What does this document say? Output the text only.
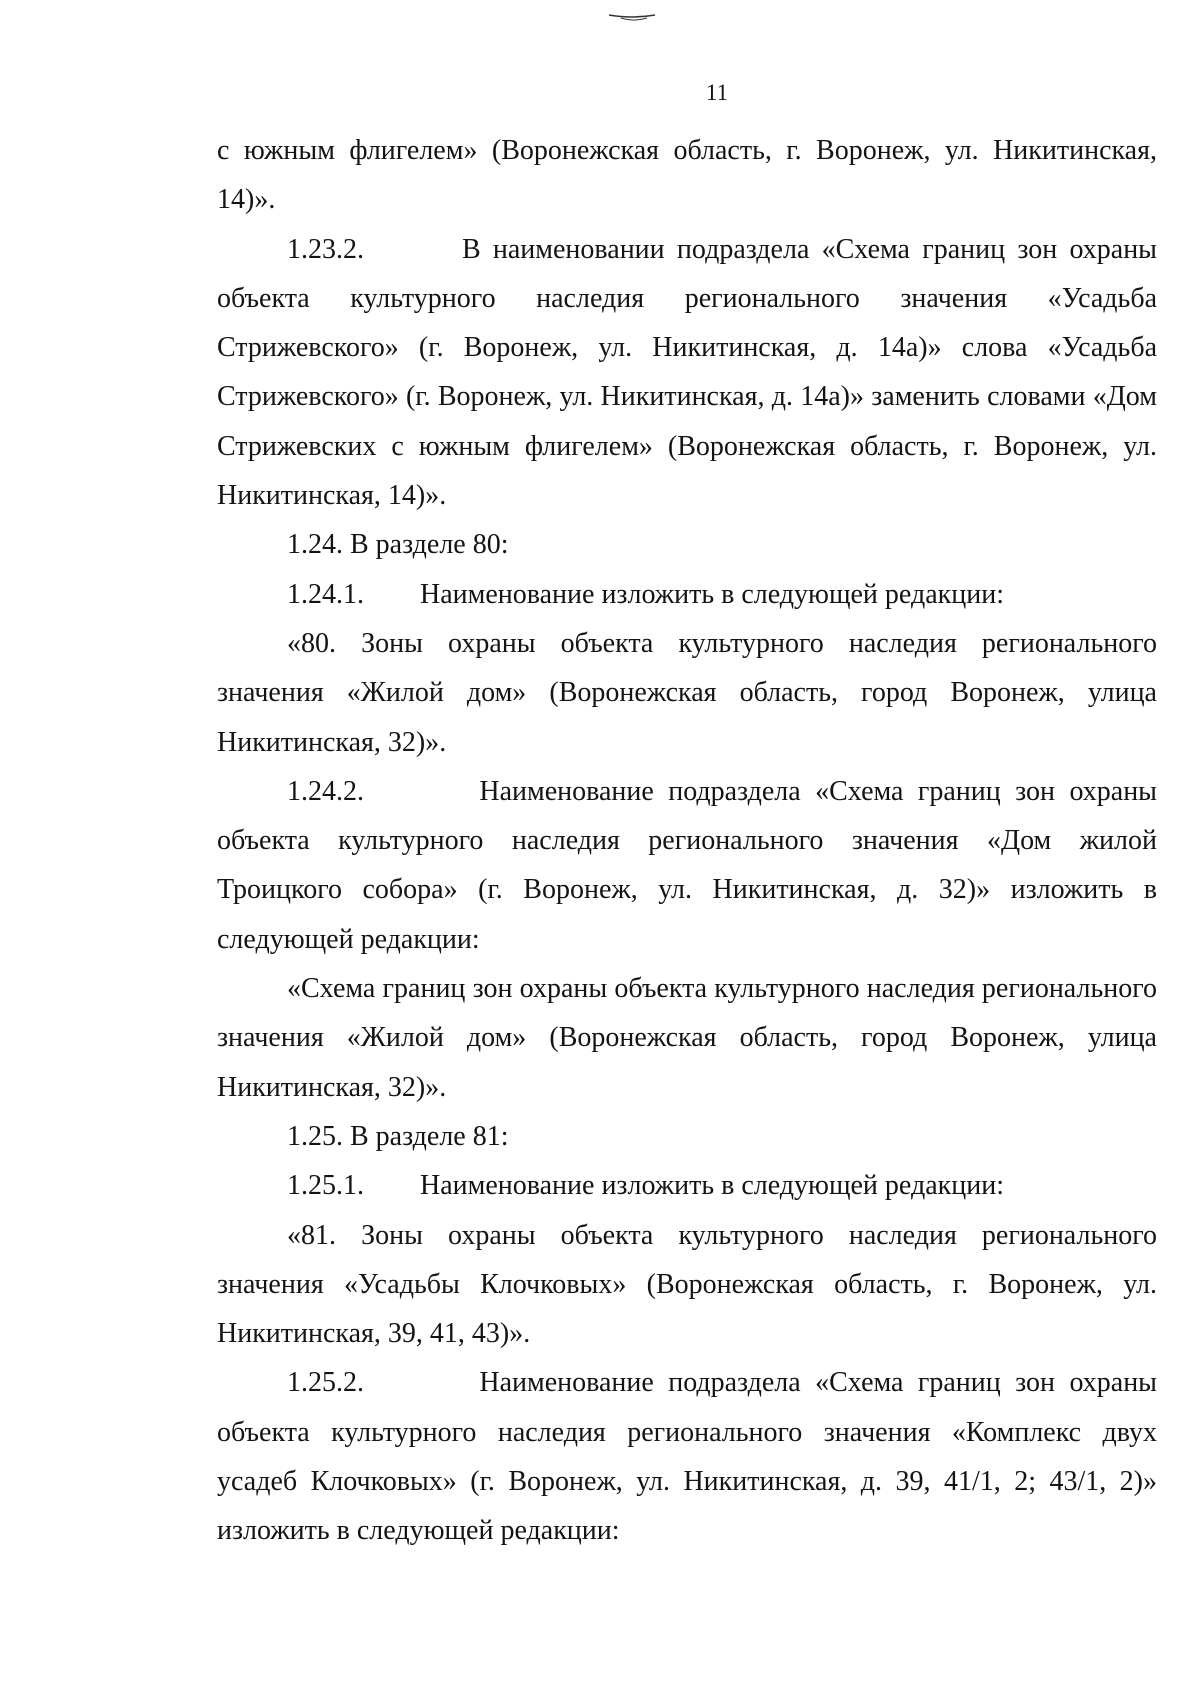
11

с южным флигелем» (Воронежская область, г. Воронеж, ул. Никитинская, 14)».

1.23.2.        В наименовании подраздела «Схема границ зон охраны объекта культурного наследия регионального значения «Усадьба Стрижевского» (г. Воронеж, ул. Никитинская, д. 14а)» слова «Усадьба Стрижевского» (г. Воронеж, ул. Никитинская, д. 14а)» заменить словами «Дом Стрижевских с южным флигелем» (Воронежская область, г. Воронеж, ул. Никитинская, 14)».

1.24. В разделе 80:

1.24.1.        Наименование изложить в следующей редакции:

«80. Зоны охраны объекта культурного наследия регионального значения «Жилой дом» (Воронежская область, город Воронеж, улица Никитинская, 32)».

1.24.2.        Наименование подраздела «Схема границ зон охраны объекта культурного наследия регионального значения «Дом жилой Троицкого собора» (г. Воронеж, ул. Никитинская, д. 32)» изложить в следующей редакции:

«Схема границ зон охраны объекта культурного наследия регионального значения «Жилой дом» (Воронежская область, город Воронеж, улица Никитинская, 32)».

1.25. В разделе 81:

1.25.1.        Наименование изложить в следующей редакции:

«81. Зоны охраны объекта культурного наследия регионального значения «Усадьбы Клочковых» (Воронежская область, г. Воронеж, ул. Никитинская, 39, 41, 43)».

1.25.2.        Наименование подраздела «Схема границ зон охраны объекта культурного наследия регионального значения «Комплекс двух усадеб Клочковых» (г. Воронеж, ул. Никитинская, д. 39, 41/1, 2; 43/1, 2)» изложить в следующей редакции:
